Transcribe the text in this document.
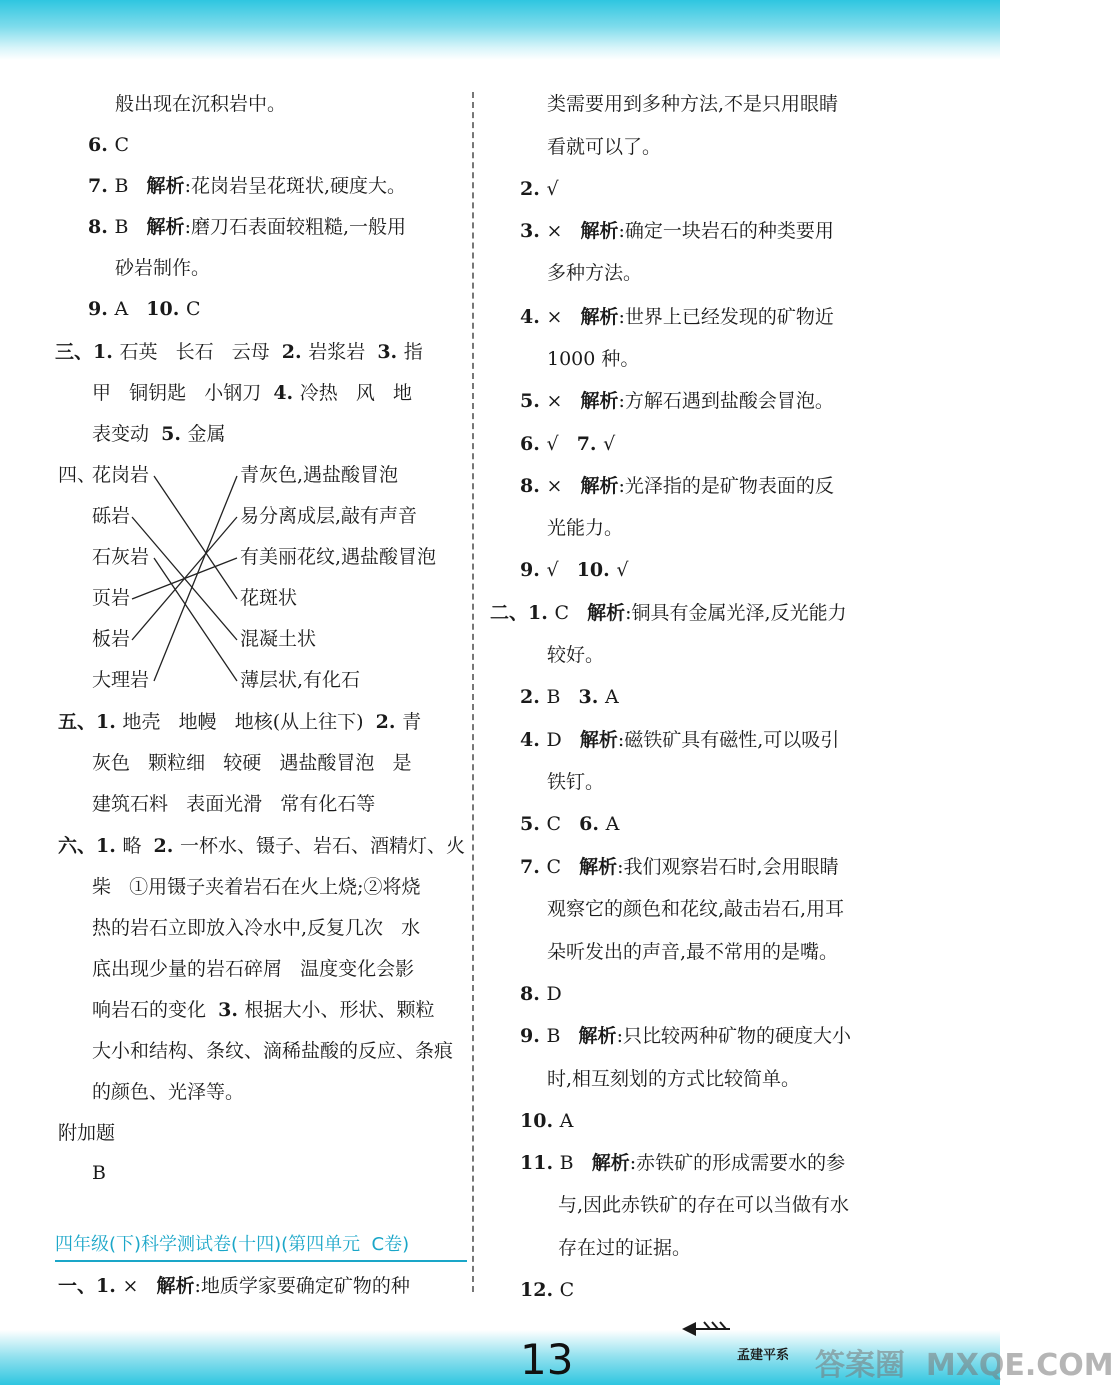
般出现在沉积岩中。
6. C
7. B   解析:花岗岩呈花斑状,硬度大。
8. B   解析:磨刀石表面较粗糙,一般用
砂岩制作。
9. A   10. C
三、1. 石英   长石   云母  2. 岩浆岩  3. 指
甲   铜钥匙   小钢刀  4. 冷热   风   地
表变动  5. 金属
五、1. 地壳   地幔   地核(从上往下)  2. 青
灰色   颗粒细   较硬   遇盐酸冒泡   是
建筑石料   表面光滑   常有化石等
六、1. 略  2. 一杯水、镊子、岩石、酒精灯、火
柴   ①用镊子夹着岩石在火上烧;②将烧
热的岩石立即放入冷水中,反复几次   水
底出现少量的岩石碎屑   温度变化会影
响岩石的变化  3. 根据大小、形状、颗粒
大小和结构、条纹、滴稀盐酸的反应、条痕
的颜色、光泽等。
附加题
B
一、1. ×   解析:地质学家要确定矿物的种
类需要用到多种方法,不是只用眼睛
看就可以了。
2. √
3. ×   解析:确定一块岩石的种类要用
多种方法。
4. ×   解析:世界上已经发现的矿物近
1000 种。
5. ×   解析:方解石遇到盐酸会冒泡。
6. √   7. √
8. ×   解析:光泽指的是矿物表面的反
光能力。
9. √   10. √
二、1. C   解析:铜具有金属光泽,反光能力
较好。
2. B   3. A
4. D   解析:磁铁矿具有磁性,可以吸引
铁钉。
5. C   6. A
7. C   解析:我们观察岩石时,会用眼睛
观察它的颜色和花纹,敲击岩石,用耳
朵听发出的声音,最不常用的是嘴。
8. D
9. B   解析:只比较两种矿物的硬度大小
时,相互刻划的方式比较简单。
10. A
11. B   解析:赤铁矿的形成需要水的参
与,因此赤铁矿的存在可以当做有水
存在过的证据。
12. C
四、
花岗岩
砾岩
石灰岩
页岩
板岩
大理岩
青灰色,遇盐酸冒泡
易分离成层,敲有声音
有美丽花纹,遇盐酸冒泡
花斑状
混凝土状
薄层状,有化石
四年级(下)科学测试卷(十四)(第四单元  C卷)
孟建平系
13	答案圈  MXQE.COM
